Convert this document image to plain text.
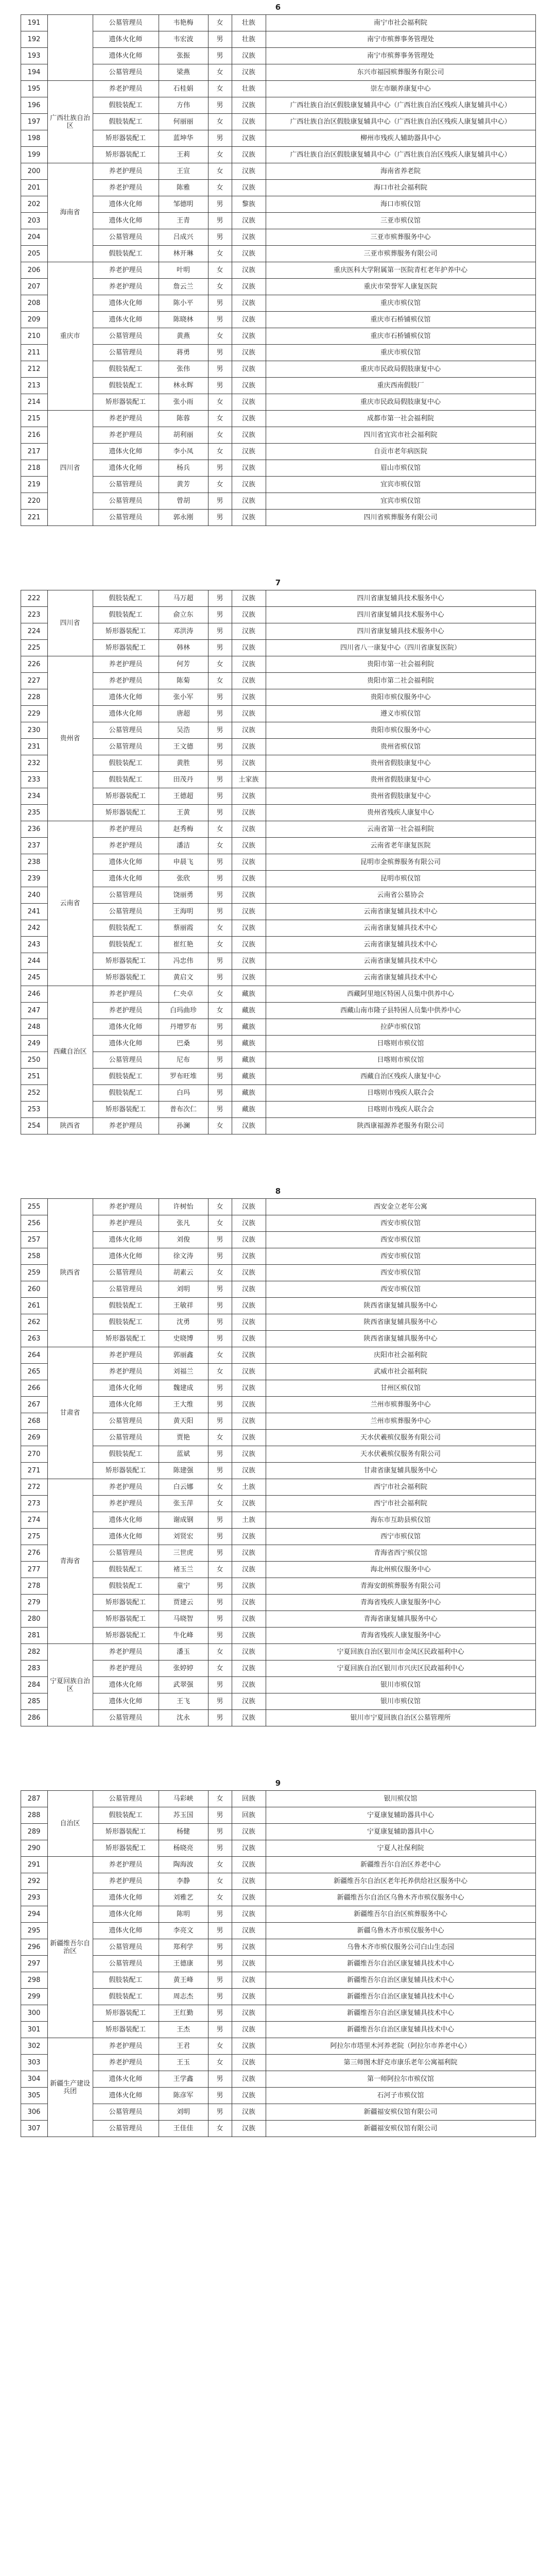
6
191		公墓管理员	韦艳梅	女	壮族	南宁市社会福利院
192		遗体火化师	韦宏波	男	壮族	南宁市殡葬事务管理处
193		遗体火化师	张振	男	汉族	南宁市殡葬事务管理处
194		公墓管理员	梁燕	女	汉族	东兴市福园殡葬服务有限公司
195	广西壮族自治区	养老护理员	石桂娟	女	壮族	崇左市颐养康复中心
196		假肢装配工	方伟	男	汉族	广西壮族自治区假肢康复辅具中心（广西壮族自治区残疾人康复辅具中心）
197		假肢装配工	何丽丽	女	汉族	广西壮族自治区假肢康复辅具中心（广西壮族自治区残疾人康复辅具中心）
198		矫形器装配工	蓝坤华	男	汉族	柳州市残疾人辅助器具中心
199		矫形器装配工	王莉	女	汉族	广西壮族自治区假肢康复辅具中心（广西壮族自治区残疾人康复辅具中心）
200	海南省	养老护理员	王宣	女	汉族	海南省养老院
201		养老护理员	陈雅	女	汉族	海口市社会福利院
202		遗体火化师	邹德明	男	黎族	海口市殡仪馆
203		遗体火化师	王青	男	汉族	三亚市殡仪馆
204		公墓管理员	吕成兴	男	汉族	三亚市殡葬服务中心
205		假肢装配工	林开琳	女	汉族	三亚市殡葬服务有限公司
206	重庆市	养老护理员	叶明	女	汉族	重庆医科大学附属第一医院青杠老年护养中心
207		养老护理员	詹云兰	女	汉族	重庆市荣誉军人康复医院
208		遗体火化师	陈小平	男	汉族	重庆市殡仪馆
209		遗体火化师	陈晓林	男	汉族	重庆市石桥铺殡仪馆
210		公墓管理员	黄燕	女	汉族	重庆市石桥铺殡仪馆
211		公墓管理员	蒋勇	男	汉族	重庆市殡仪馆
212		假肢装配工	张伟	男	汉族	重庆市民政局假肢康复中心
213		假肢装配工	林永辉	男	汉族	重庆西南假肢厂
214		矫形器装配工	张小雨	女	汉族	重庆市民政局假肢康复中心
215	四川省	养老护理员	陈蓉	女	汉族	成都市第一社会福利院
216		养老护理员	胡利丽	女	汉族	四川省宜宾市社会福利院
217		遗体火化师	李小凤	女	汉族	自贡市老年病医院
218		遗体火化师	杨兵	男	汉族	眉山市殡仪馆
219		公墓管理员	黄芳	女	汉族	宜宾市殡仪馆
220		公墓管理员	曾胡	男	汉族	宜宾市殡仪馆
221		公墓管理员	郭永刚	男	汉族	四川省殡葬服务有限公司
7
222	四川省	假肢装配工	马万超	男	汉族	四川省康复辅具技术服务中心
223		假肢装配工	俞立东	男	汉族	四川省康复辅具技术服务中心
224		矫形器装配工	邓洪涛	男	汉族	四川省康复辅具技术服务中心
225		矫形器装配工	韩林	男	汉族	四川省八一康复中心（四川省康复医院）
226	贵州省	养老护理员	何芳	女	汉族	贵阳市第一社会福利院
227		养老护理员	陈菊	女	汉族	贵阳市第二社会福利院
228		遗体火化师	张小军	男	汉族	贵阳市殡仪服务中心
229		遗体火化师	唐超	男	汉族	遵义市殡仪馆
230		公墓管理员	吴浩	男	汉族	贵阳市殡仪服务中心
231		公墓管理员	王文德	男	汉族	贵州省殡仪馆
232		假肢装配工	黄胜	男	汉族	贵州省假肢康复中心
233		假肢装配工	田茂丹	男	土家族	贵州省假肢康复中心
234		矫形器装配工	王德超	男	汉族	贵州省假肢康复中心
235		矫形器装配工	王黄	男	汉族	贵州省残疾人康复中心
236	云南省	养老护理员	赵秀梅	女	汉族	云南省第一社会福利院
237		养老护理员	潘洁	女	汉族	云南省老年康复医院
238		遗体火化师	申晨飞	男	汉族	昆明市金殡葬服务有限公司
239		遗体火化师	张欣	男	汉族	昆明市殡仪馆
240		公墓管理员	饶丽勇	男	汉族	云南省公墓协会
241		公墓管理员	王海明	男	汉族	云南省康复辅具技术中心
242		假肢装配工	蔡丽霞	女	汉族	云南省康复辅具技术中心
243		假肢装配工	崔红艳	女	汉族	云南省康复辅具技术中心
244		矫形器装配工	冯忠伟	男	汉族	云南省康复辅具技术中心
245		矫形器装配工	黄启文	男	汉族	云南省康复辅具技术中心
246	西藏自治区	养老护理员	仁央卓	女	藏族	西藏阿里地区特困人员集中供养中心
247		养老护理员	白玛曲珍	女	藏族	西藏山南市隆子县特困人员集中供养中心
248		遗体火化师	丹增罗布	男	藏族	拉萨市殡仪馆
249		遗体火化师	巴桑	男	藏族	日喀则市殡仪馆
250		公墓管理员	尼布	男	藏族	日喀则市殡仪馆
251		假肢装配工	罗布旺堆	男	藏族	西藏自治区残疾人康复中心
252		假肢装配工	白玛	男	藏族	日喀则市残疾人联合会
253		矫形器装配工	普布次仁	男	藏族	日喀则市残疾人联合会
254	陕西省	养老护理员	孙澜	女	汉族	陕西康福源养老服务有限公司
8
255	陕西省	养老护理员	许树怡	女	汉族	西安金立老年公寓
256		养老护理员	张凡	女	汉族	西安市殡仪馆
257		遗体火化师	刘俊	男	汉族	西安市殡仪馆
258		遗体火化师	徐文涛	男	汉族	西安市殡仪馆
259		公墓管理员	胡素云	女	汉族	西安市殡仪馆
260		公墓管理员	刘明	男	汉族	西安市殡仪馆
261		假肢装配工	王敏祥	男	汉族	陕西省康复辅具服务中心
262		假肢装配工	沈勇	男	汉族	陕西省康复辅具服务中心
263		矫形器装配工	史晓博	男	汉族	陕西省康复辅具服务中心
264	甘肃省	养老护理员	郭丽鑫	女	汉族	庆阳市社会福利院
265		养老护理员	刘福兰	女	汉族	武威市社会福利院
266		遗体火化师	魏建成	男	汉族	甘州区殡仪馆
267		遗体火化师	王大维	男	汉族	兰州市殡葬服务中心
268		公墓管理员	黄天阳	男	汉族	兰州市殡葬服务中心
269		公墓管理员	贾艳	女	汉族	天水伏羲殡仪服务有限公司
270		假肢装配工	蓝斌	男	汉族	天水伏羲殡仪服务有限公司
271		矫形器装配工	陈建强	男	汉族	甘肃省康复辅具服务中心
272	青海省	养老护理员	白云娜	女	土族	西宁市社会福利院
273		养老护理员	张玉萍	女	汉族	西宁市社会福利院
274		遗体火化师	谢成钢	男	土族	海东市互助县殡仪馆
275		遗体火化师	刘贤宏	男	汉族	西宁市殡仪馆
276		公墓管理员	三世虎	男	汉族	青海省西宁殡仪馆
277		假肢装配工	褚玉兰	女	汉族	海北州殡仪服务中心
278		假肢装配工	童宁	男	汉族	青海安朗殡葬服务有限公司
279		矫形器装配工	贾建云	男	汉族	青海省残疾人康复服务中心
280		矫形器装配工	马晓智	男	汉族	青海省康复辅具服务中心
281		矫形器装配工	牛化峰	男	汉族	青海省残疾人康复服务中心
282	宁夏回族自治区	养老护理员	潘玉	女	汉族	宁夏回族自治区银川市金凤区民政福利中心
283		养老护理员	张婷婷	女	汉族	宁夏回族自治区银川市兴庆区民政福利中心
284		遗体火化师	武翠强	男	汉族	银川市殡仪馆
285		遗体火化师	王飞	男	汉族	银川市殡仪馆
286		公墓管理员	沈永	男	汉族	银川市宁夏回族自治区公墓管理所
9
287	自治区	公墓管理员	马彩峡	女	回族	银川殡仪馆
288		假肢装配工	苏玉国	男	回族	宁夏康复辅助器具中心
289		矫形器装配工	杨健	男	汉族	宁夏康复辅助器具中心
290		矫形器装配工	杨晓亮	男	汉族	宁夏人社保利院
291	新疆维吾尔自治区	养老护理员	陶海波	女	汉族	新疆维吾尔自治区养老中心
292		养老护理员	李静	女	汉族	新疆维吾尔自治区老年托养供给社区服务中心
293		遗体火化师	刘雅艺	女	汉族	新疆维吾尔自治区乌鲁木齐市殡仪服务中心
294		遗体火化师	陈明	男	汉族	新疆维吾尔自治区殡葬服务中心
295		遗体火化师	李亮文	男	汉族	新疆乌鲁木齐市殡仪服务中心
296		公墓管理员	郑利学	男	汉族	乌鲁木齐市殡仪服务公司白山生态园
297		公墓管理员	王德康	男	汉族	新疆维吾尔自治区康复辅具技术中心
298		假肢装配工	黄王峰	男	汉族	新疆维吾尔自治区康复辅具技术中心
299		假肢装配工	周志杰	男	汉族	新疆维吾尔自治区康复辅具技术中心
300		矫形器装配工	王红勤	男	汉族	新疆维吾尔自治区康复辅具技术中心
301		矫形器装配工	王杰	男	汉族	新疆维吾尔自治区康复辅具技术中心
302	新疆生产建设兵团	养老护理员	王君	女	汉族	阿拉尔市塔里木河养老院（阿拉尔市养老中心）
303		养老护理员	王玉	女	汉族	第三师图木舒克市康乐老年公寓福利院
304		遗体火化师	王学鑫	男	汉族	第一师阿拉尔市殡仪馆
305		遗体火化师	陈彦军	男	汉族	石河子市殡仪馆
306		公墓管理员	刘明	男	汉族	新疆福安殡仪馆有限公司
307		公墓管理员	王佳佳	女	汉族	新疆福安殡仪馆有限公司
